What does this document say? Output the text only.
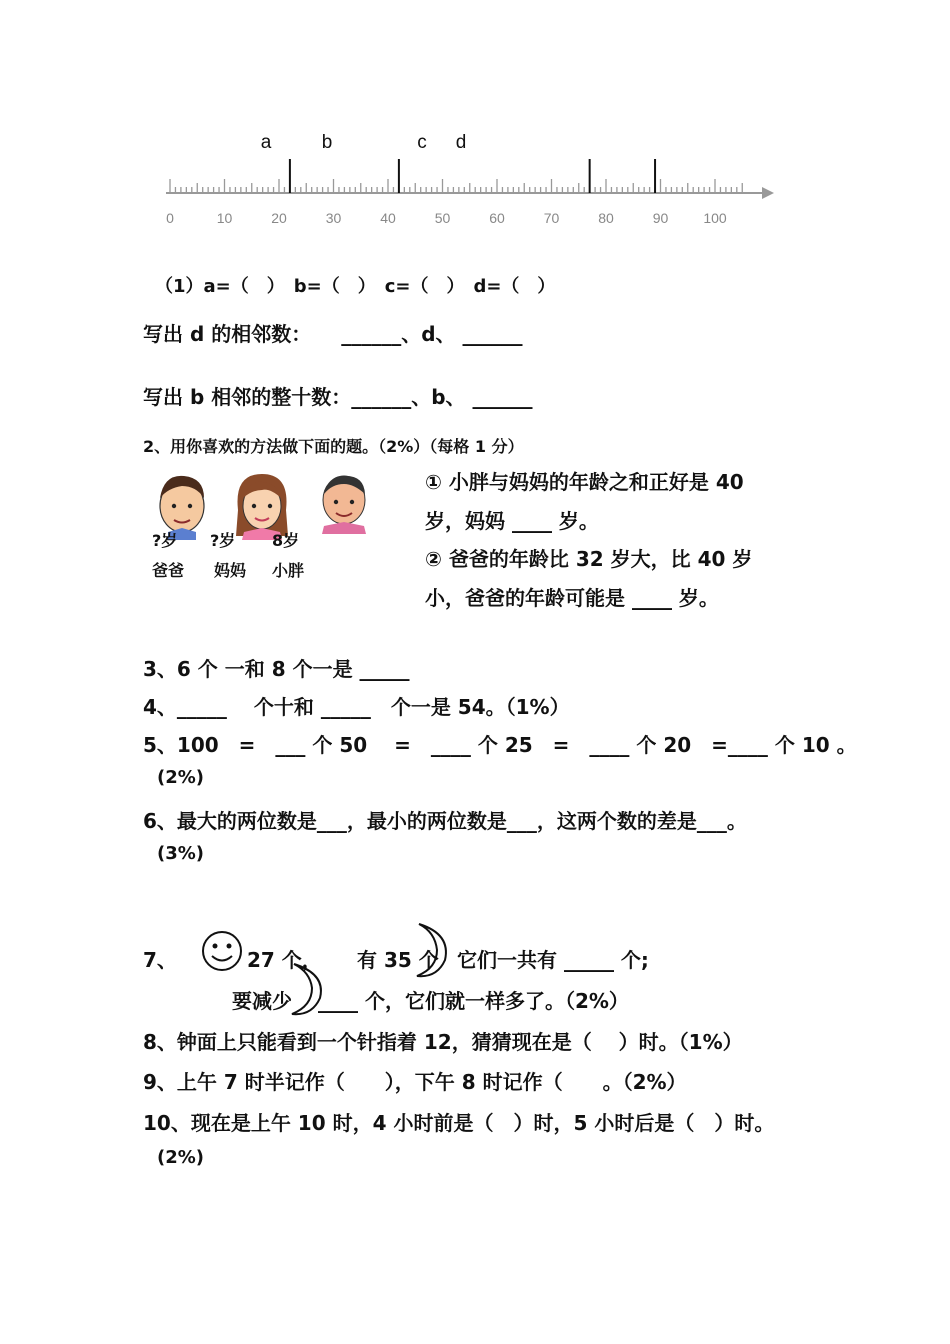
0	10	20	30	40	50	60	70	80	90	100
a	b	c d
（1）a=（　）　b=（　）　c=（　）　d=（　）
写出 d 的相邻数：　　______、d、 ______
写出 b 相邻的整十数：______、b、 ______
2、用你喜欢的方法做下面的题。（2%）（每格 1 分）
?岁 ?岁 8岁
爸爸 妈妈 小胖
① 小胖与妈妈的年龄之和正好是 40
岁，妈妈 ____ 岁。
② 爸爸的年龄比 32 岁大，比 40 岁
小，爸爸的年龄可能是 ____ 岁。
3、6 个 一和 8 个一是 _____
4、_____　 个十和 _____　个一是 54。（1%）
5、100　=　___ 个 50　 =　____ 个 25　=　____ 个 20　=____ 个 10 。
(2%)
6、最大的两位数是___，最小的两位数是___，这两个数的差是___。
(3%)
7、	27 个， 有 35 个 它们一共有 _____ 个;
要减少 ____ 个，它们就一样多了。（2%）
8、钟面上只能看到一个针指着 12，猜猜现在是（　 ）时。（1%）
9、上午 7 时半记作（　　），下午 8 时记作（　　。（2%）
10、现在是上午 10 时，4 小时前是（　）时，5 小时后是（　）时。
(2%)
